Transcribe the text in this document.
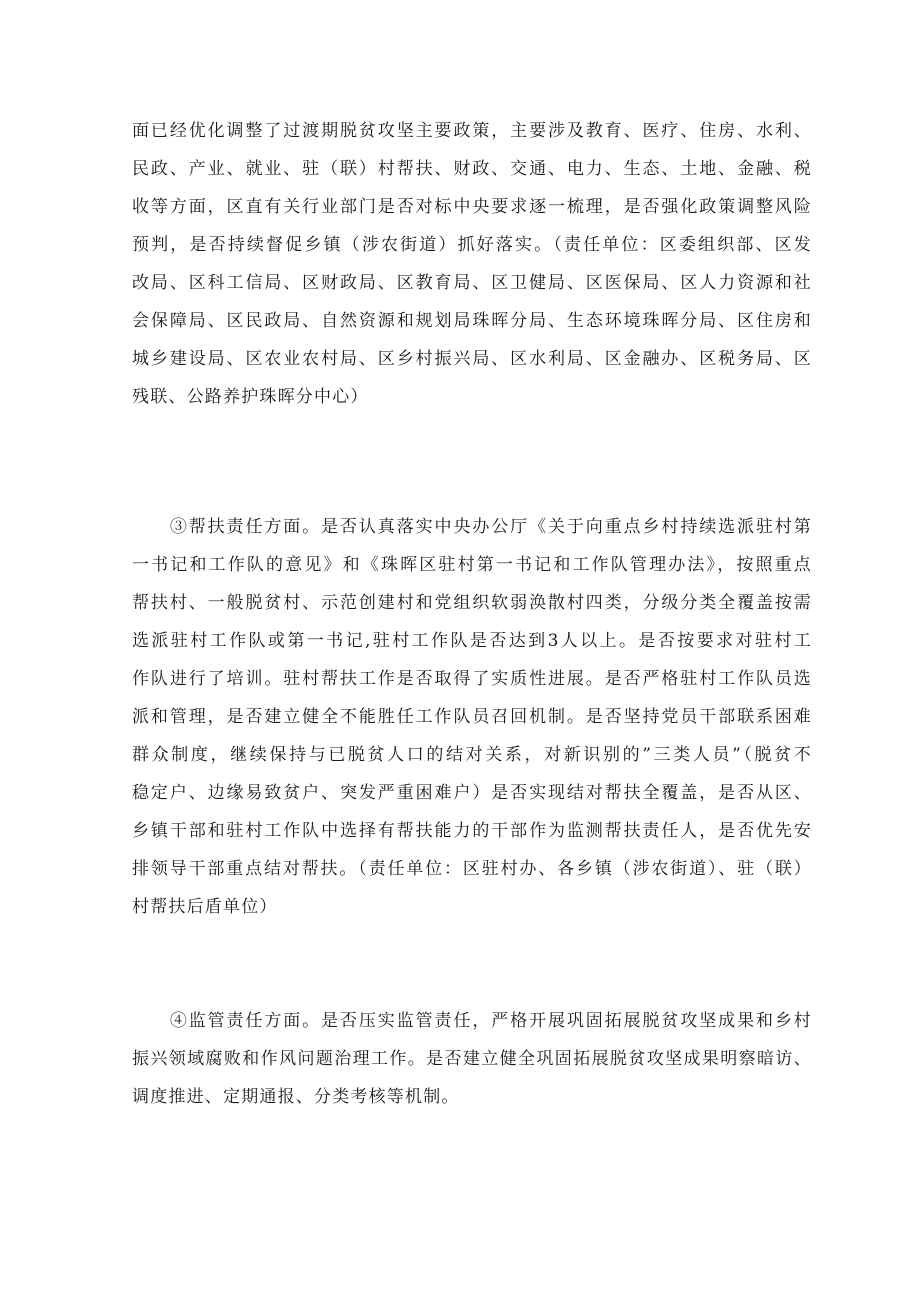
面已经优化调整了过渡期脱贫攻坚主要政策，主要涉及教育、医疗、住房、水利、
民政、产业、就业、驻（联）村帮扶、财政、交通、电力、生态、土地、金融、税
收等方面，区直有关行业部门是否对标中央要求逐一梳理，是否强化政策调整风险
预判，是否持续督促乡镇（涉农街道）抓好落实。（责任单位：区委组织部、区发
改局、区科工信局、区财政局、区教育局、区卫健局、区医保局、区人力资源和社
会保障局、区民政局、自然资源和规划局珠晖分局、生态环境珠晖分局、区住房和
城乡建设局、区农业农村局、区乡村振兴局、区水利局、区金融办、区税务局、区
残联、公路养护珠晖分中心）
　　③帮扶责任方面。是否认真落实中央办公厅《关于向重点乡村持续选派驻村第
一书记和工作队的意见》和《珠晖区驻村第一书记和工作队管理办法》，按照重点
帮扶村、一般脱贫村、示范创建村和党组织软弱涣散村四类，分级分类全覆盖按需
选派驻村工作队或第一书记,驻村工作队是否达到3人以上。是否按要求对驻村工
作队进行了培训。驻村帮扶工作是否取得了实质性进展。是否严格驻村工作队员选
派和管理，是否建立健全不能胜任工作队员召回机制。是否坚持党员干部联系困难
群众制度，继续保持与已脱贫人口的结对关系，对新识别的”三类人员”（脱贫不
稳定户、边缘易致贫户、突发严重困难户）是否实现结对帮扶全覆盖，是否从区、
乡镇干部和驻村工作队中选择有帮扶能力的干部作为监测帮扶责任人，是否优先安
排领导干部重点结对帮扶。（责任单位：区驻村办、各乡镇（涉农街道）、驻（联）
村帮扶后盾单位）
　　④监管责任方面。是否压实监管责任，严格开展巩固拓展脱贫攻坚成果和乡村
振兴领域腐败和作风问题治理工作。是否建立健全巩固拓展脱贫攻坚成果明察暗访、
调度推进、定期通报、分类考核等机制。
